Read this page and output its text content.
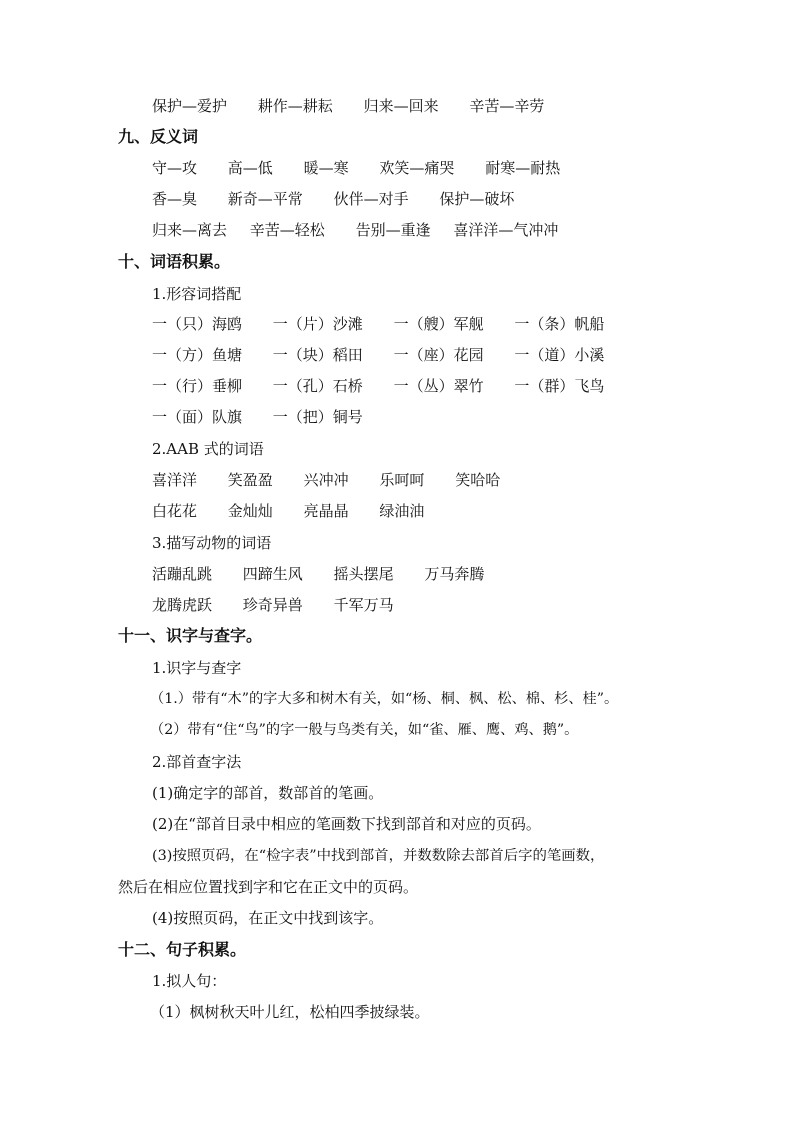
保护—爱护 耕作—耕耘 归来—回来 辛苦—辛劳
九、反义词
守—攻 高—低 暖—寒 欢笑—痛哭 耐寒—耐热
香—臭 新奇—平常 伙伴—对手 保护—破坏
归来—离去 辛苦—轻松 告别—重逢 喜洋洋—气冲冲
十、词语积累。
1.形容词搭配
一（只）海鸥 一（片）沙滩 一（艘）军舰 一（条）帆船
一（方）鱼塘 一（块）稻田 一（座）花园 一（道）小溪
一（行）垂柳 一（孔）石桥 一（丛）翠竹 一（群）飞鸟
一（面）队旗 一（把）铜号
2.AAB 式的词语
喜洋洋 笑盈盈 兴冲冲 乐呵呵 笑哈哈
白花花 金灿灿 亮晶晶 绿油油
3.描写动物的词语
活蹦乱跳 四蹄生风 摇头摆尾 万马奔腾
龙腾虎跃 珍奇异兽 千军万马
十一、识字与查字。
1.识字与查字
（1.）带有“木”的字大多和树木有关，如“杨、桐、枫、松、棉、杉、桂”。
（2）带有“住“鸟”的字一般与鸟类有关，如“雀、雁、鹰、鸡、鹅”。
2.部首查字法
(1)确定字的部首，数部首的笔画。
(2)在“部首目录中相应的笔画数下找到部首和对应的页码。
(3)按照页码，在“检字表”中找到部首，并数数除去部首后字的笔画数，
然后在相应位置找到字和它在正文中的页码。
(4)按照页码，在正文中找到该字。
十二、句子积累。
1.拟人句：
（1）枫树秋天叶儿红，松柏四季披绿装。
